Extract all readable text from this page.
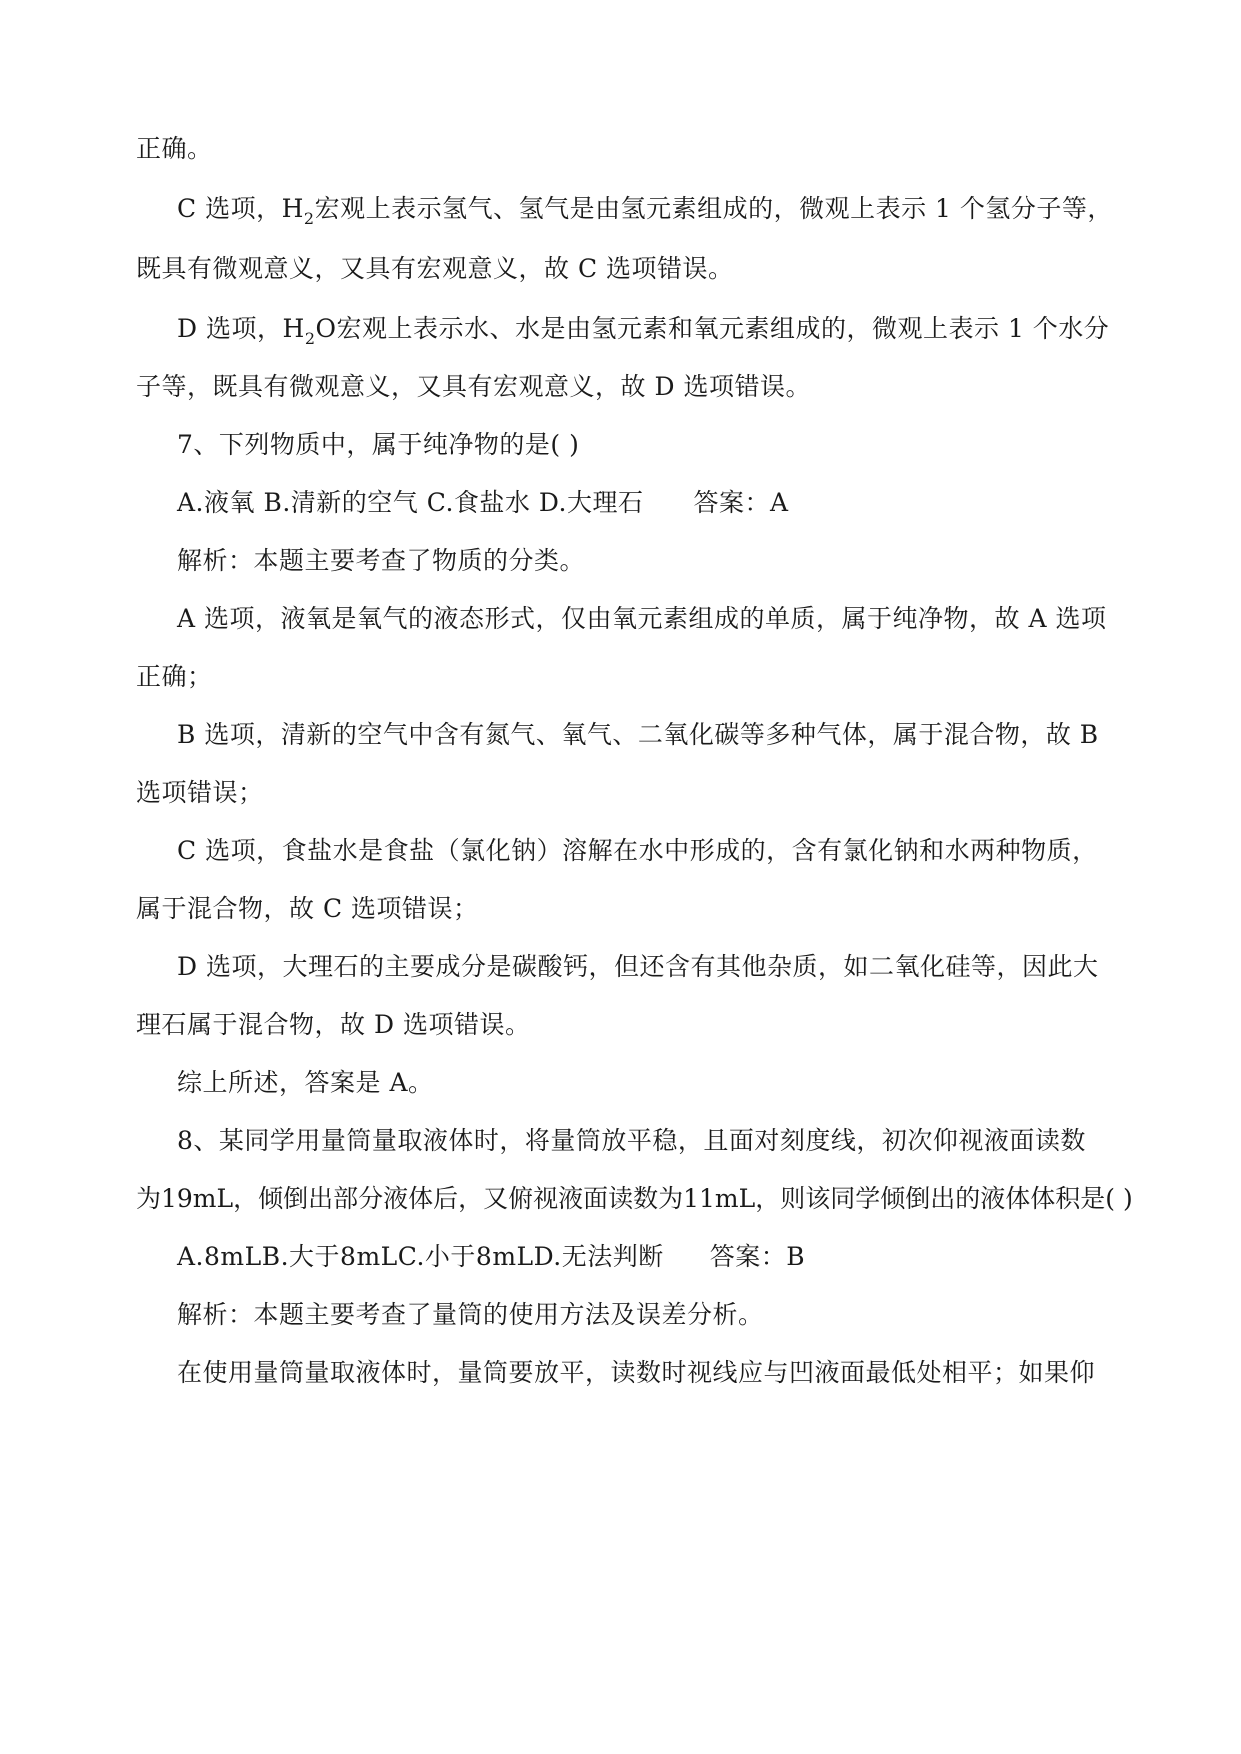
正确。
C 选项，$H_2$宏观上表示氢气、氢气是由氢元素组成的，微观上表示 1 个氢分子等，
既具有微观意义，又具有宏观意义，故 C 选项错误。
D 选项，$H_2O$宏观上表示水、水是由氢元素和氧元素组成的，微观上表示 1 个水分
子等，既具有微观意义，又具有宏观意义，故 D 选项错误。
7、下列物质中，属于纯净物的是( )
A.液氧 B.清新的空气 C.食盐水 D.大理石 答案：A
解析：本题主要考查了物质的分类。
A 选项，液氧是氧气的液态形式，仅由氧元素组成的单质，属于纯净物，故 A 选项
正确；
B 选项，清新的空气中含有氮气、氧气、二氧化碳等多种气体，属于混合物，故 B
选项错误；
C 选项，食盐水是食盐（氯化钠）溶解在水中形成的，含有氯化钠和水两种物质，
属于混合物，故 C 选项错误；
D 选项，大理石的主要成分是碳酸钙，但还含有其他杂质，如二氧化硅等，因此大
理石属于混合物，故 D 选项错误。
综上所述，答案是 A。
8、某同学用量筒量取液体时，将量筒放平稳，且面对刻度线，初次仰视液面读数
为19mL，倾倒出部分液体后，又俯视液面读数为11mL，则该同学倾倒出的液体体积是( )
A.8mLB.大于8mLC.小于8mLD.无法判断 答案：B
解析：本题主要考查了量筒的使用方法及误差分析。
在使用量筒量取液体时，量筒要放平，读数时视线应与凹液面最低处相平；如果仰
